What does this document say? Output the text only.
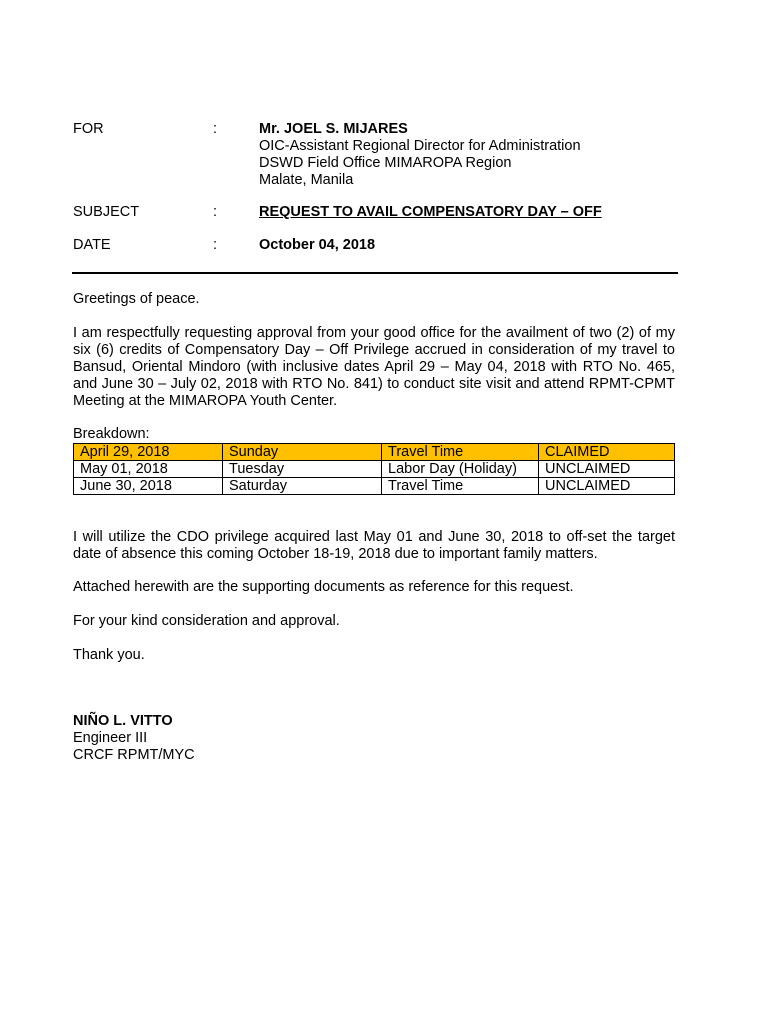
FOR	:	Mr. JOEL S. MIJARES
OIC-Assistant Regional Director for Administration
DSWD Field Office MIMAROPA Region
Malate, Manila
SUBJECT	:	REQUEST TO AVAIL COMPENSATORY DAY – OFF
DATE	:	October 04, 2018

Greetings of peace.

I am respectfully requesting approval from your good office for the availment of two (2) of my six (6) credits of Compensatory Day – Off Privilege accrued in consideration of my travel to Bansud, Oriental Mindoro (with inclusive dates April 29 – May 04, 2018 with RTO No. 465, and June 30 – July 02, 2018 with RTO No. 841) to conduct site visit and attend RPMT-CPMT Meeting at the MIMAROPA Youth Center.

Breakdown:

April 29, 2018	Sunday	Travel Time	CLAIMED
May 01, 2018	Tuesday	Labor Day (Holiday)	UNCLAIMED
June 30, 2018	Saturday	Travel Time	UNCLAIMED

I will utilize the CDO privilege acquired last May 01 and June 30, 2018 to off-set the target date of absence this coming October 18-19, 2018 due to important family matters.

Attached herewith are the supporting documents as reference for this request.

For your kind consideration and approval.

Thank you.

NIÑO L. VITTO
Engineer III
CRCF RPMT/MYC
